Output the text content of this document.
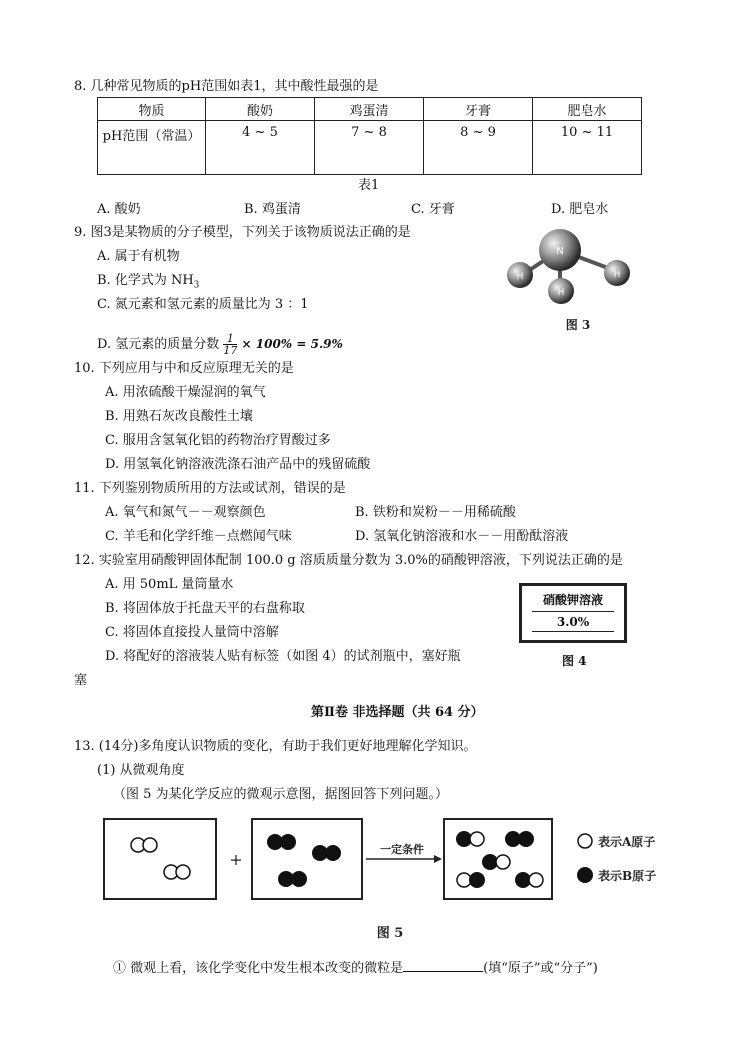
8. 几种常见物质的pH范围如表1，其中酸性最强的是
物质	酸奶	鸡蛋清	牙膏	肥皂水
pH范围（常温）	4 ~ 5	7 ~ 8	8 ~ 9	10 ~ 11
表1
A. 酸奶	B. 鸡蛋清	C. 牙膏	D. 肥皂水
9. 图3是某物质的分子模型，下列关于该物质说法正确的是
A. 属于有机物
B. 化学式为 $NH_3$
C. 氮元素和氢元素的质量比为 3 ：1
D. 氢元素的质量分数 $\frac{1}{17} \times 100\% = 5.9\%$
N
H	H
H
图 3
10. 下列应用与中和反应原理无关的是
A. 用浓硫酸干燥湿润的氧气
B. 用熟石灰改良酸性土壤
C. 服用含氢氧化铝的药物治疗胃酸过多
D. 用氢氧化钠溶液洗涤石油产品中的残留硫酸
11. 下列鉴别物质所用的方法或试剂，错误的是
A. 氧气和氮气－－观察颜色	B. 铁粉和炭粉－－用稀硫酸
C. 羊毛和化学纤维－点燃闻气味	D. 氢氧化钠溶液和水－－用酚酞溶液
12. 实验室用硝酸钾固体配制 100.0 g 溶质质量分数为 3.0%的硝酸钾溶液，下列说法正确的是
A. 用 50mL 量筒量水
B. 将固体放于托盘天平的右盘称取
C. 将固体直接投人量筒中溶解
D. 将配好的溶液装人贴有标签（如图 4）的试剂瓶中，塞好瓶
塞
硝酸钾溶液
3.0%
图 4
第Ⅱ卷 非选择题（共 64 分）
13. (14分)多角度认识物质的变化，有助于我们更好地理解化学知识。
(1) 从微观角度
（图 5 为某化学反应的微观示意图，据图回答下列问题。）
+
一定条件
表示A原子
表示B原子
图 5
① 微观上看，该化学变化中发生根本改变的微粒是	(填“原子”或“分子”)
